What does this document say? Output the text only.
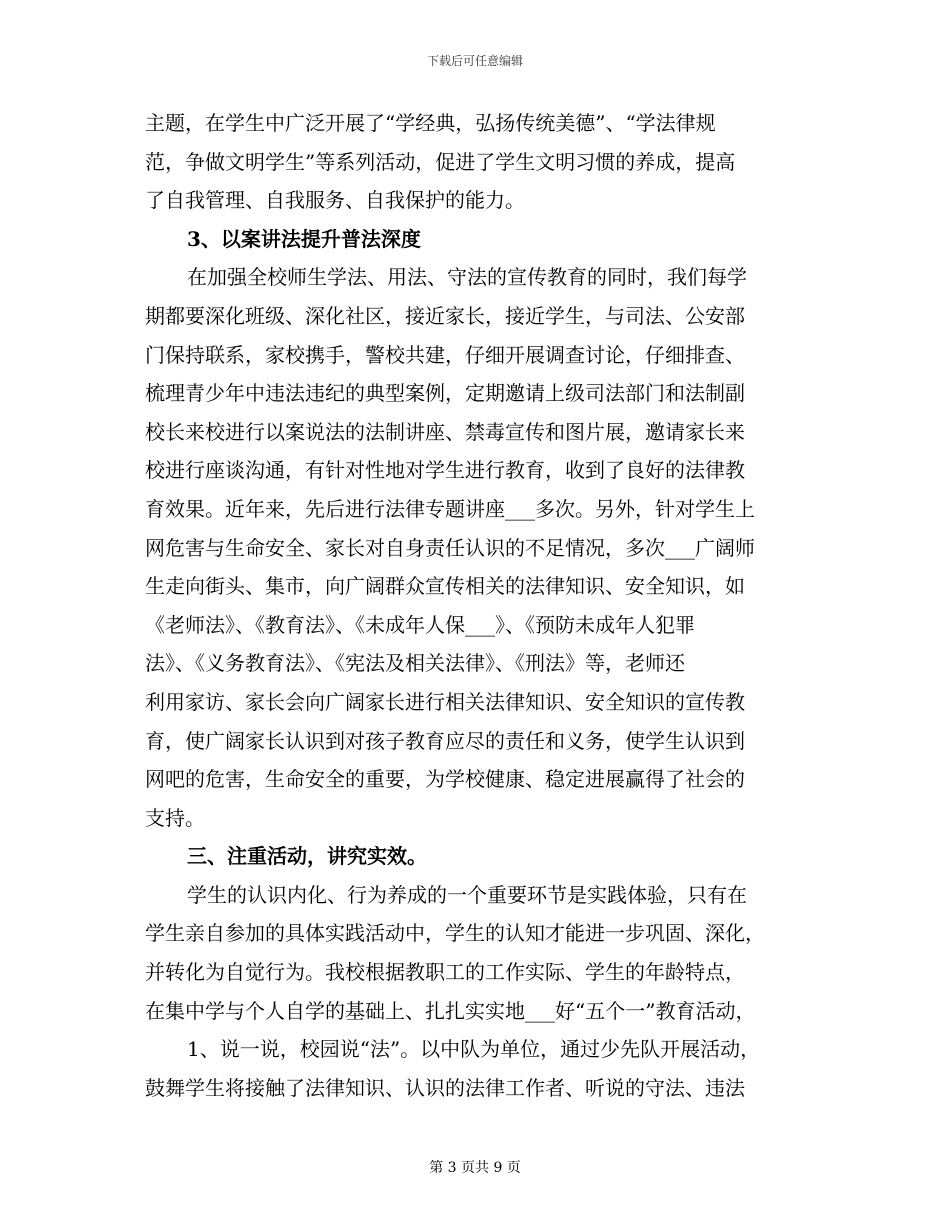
下载后可任意编辑
主题，在学生中广泛开展了“学经典，弘扬传统美德”、“学法律规
范，争做文明学生”等系列活动，促进了学生文明习惯的养成，提高
了自我管理、自我服务、自我保护的能力。
3、以案讲法提升普法深度
在加强全校师生学法、用法、守法的宣传教育的同时，我们每学
期都要深化班级、深化社区，接近家长，接近学生，与司法、公安部
门保持联系，家校携手，警校共建，仔细开展调查讨论，仔细排查、
梳理青少年中违法违纪的典型案例，定期邀请上级司法部门和法制副
校长来校进行以案说法的法制讲座、禁毒宣传和图片展，邀请家长来
校进行座谈沟通，有针对性地对学生进行教育，收到了良好的法律教
育效果。近年来，先后进行法律专题讲座___多次。另外，针对学生上
网危害与生命安全、家长对自身责任认识的不足情况，多次___广阔师
生走向街头、集市，向广阔群众宣传相关的法律知识、安全知识，如
《老师法》、《教育法》、《未成年人保___》、《预防未成年人犯罪
法》、《义务教育法》、《宪法及相关法律》、《刑法》等，老师还
利用家访、家长会向广阔家长进行相关法律知识、安全知识的宣传教
育，使广阔家长认识到对孩子教育应尽的责任和义务，使学生认识到
网吧的危害，生命安全的重要，为学校健康、稳定进展赢得了社会的
支持。
三、注重活动，讲究实效。
学生的认识内化、行为养成的一个重要环节是实践体验，只有在
学生亲自参加的具体实践活动中，学生的认知才能进一步巩固、深化，
并转化为自觉行为。我校根据教职工的工作实际、学生的年龄特点，
在集中学与个人自学的基础上、扎扎实实地___好“五个一”教育活动，
1、说一说，校园说“法”。以中队为单位，通过少先队开展活动，
鼓舞学生将接触了法律知识、认识的法律工作者、听说的守法、违法
第 3 页共 9 页
